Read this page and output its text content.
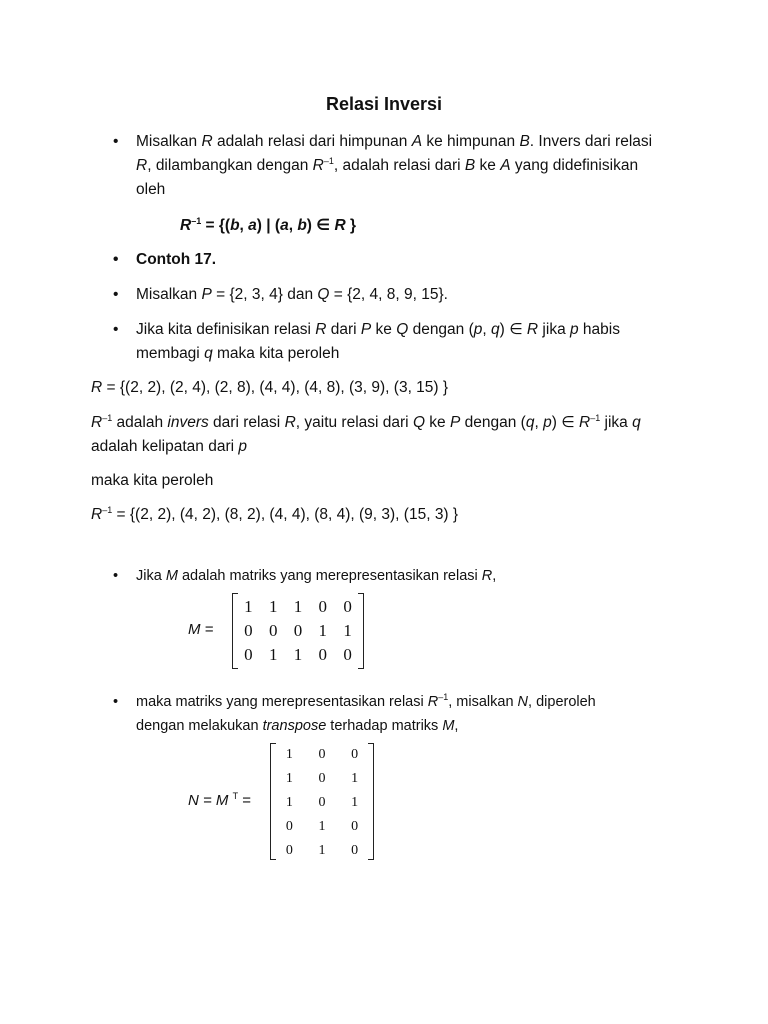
Relasi Inversi
• Misalkan R adalah relasi dari himpunan A ke himpunan B. Invers dari relasi
R, dilambangkan dengan $R^{-1}$, adalah relasi dari B ke A yang didefinisikan
oleh
$R^{-1} = \{(b$, a) | (a, b) ∈ R }
• Contoh 17.
• Misalkan P = {2, 3, 4} dan Q = {2, 4, 8, 9, 15}.
• Jika kita definisikan relasi R dari P ke Q dengan (p, q) ∈ R jika p habis
membagi q maka kita peroleh
R = {(2, 2), (2, 4), (2, 8), (4, 4), (4, 8), (3, 9), (3, 15) }
$R^{-1}$ adalah invers dari relasi R, yaitu relasi dari Q ke P dengan (q, p) ∈ $R^{-1}$ jika q
adalah kelipatan dari p
maka kita peroleh
$R^{-1} = \{(2$, 2), (4, 2), (8, 2), (4, 4), (8, 4), (9, 3), (15, 3) }
• Jika M adalah matriks yang merepresentasikan relasi R,
M =
1 1 1 0 0
0 0 0 1 1
0 1 1 0 0
• maka matriks yang merepresentasikan relasi $R^{-1}$, misalkan N, diperoleh
dengan melakukan transpose terhadap matriks M,
N = M $^T$ =
1	0	0
1	0	1
1	0	1
0	1	0
0	1	0
